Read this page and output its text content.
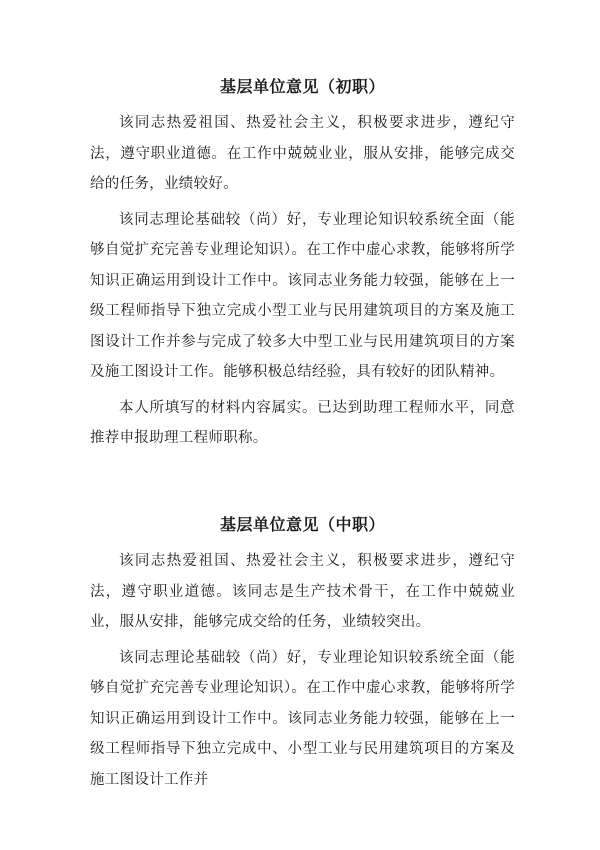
基层单位意见（初职）

该同志热爱祖国、热爱社会主义，积极要求进步，遵纪守法，遵守职业道德。在工作中兢兢业业，服从安排，能够完成交给的任务，业绩较好。

该同志理论基础较（尚）好，专业理论知识较系统全面（能够自觉扩充完善专业理论知识）。在工作中虚心求教，能够将所学知识正确运用到设计工作中。该同志业务能力较强，能够在上一级工程师指导下独立完成小型工业与民用建筑项目的方案及施工图设计工作并参与完成了较多大中型工业与民用建筑项目的方案及施工图设计工作。能够积极总结经验，具有较好的团队精神。

本人所填写的材料内容属实。已达到助理工程师水平，同意推荐申报助理工程师职称。

基层单位意见（中职）

该同志热爱祖国、热爱社会主义，积极要求进步，遵纪守法，遵守职业道德。该同志是生产技术骨干，在工作中兢兢业业，服从安排，能够完成交给的任务，业绩较突出。

该同志理论基础较（尚）好，专业理论知识较系统全面（能够自觉扩充完善专业理论知识）。在工作中虚心求教，能够将所学知识正确运用到设计工作中。该同志业务能力较强，能够在上一级工程师指导下独立完成中、小型工业与民用建筑项目的方案及施工图设计工作并
